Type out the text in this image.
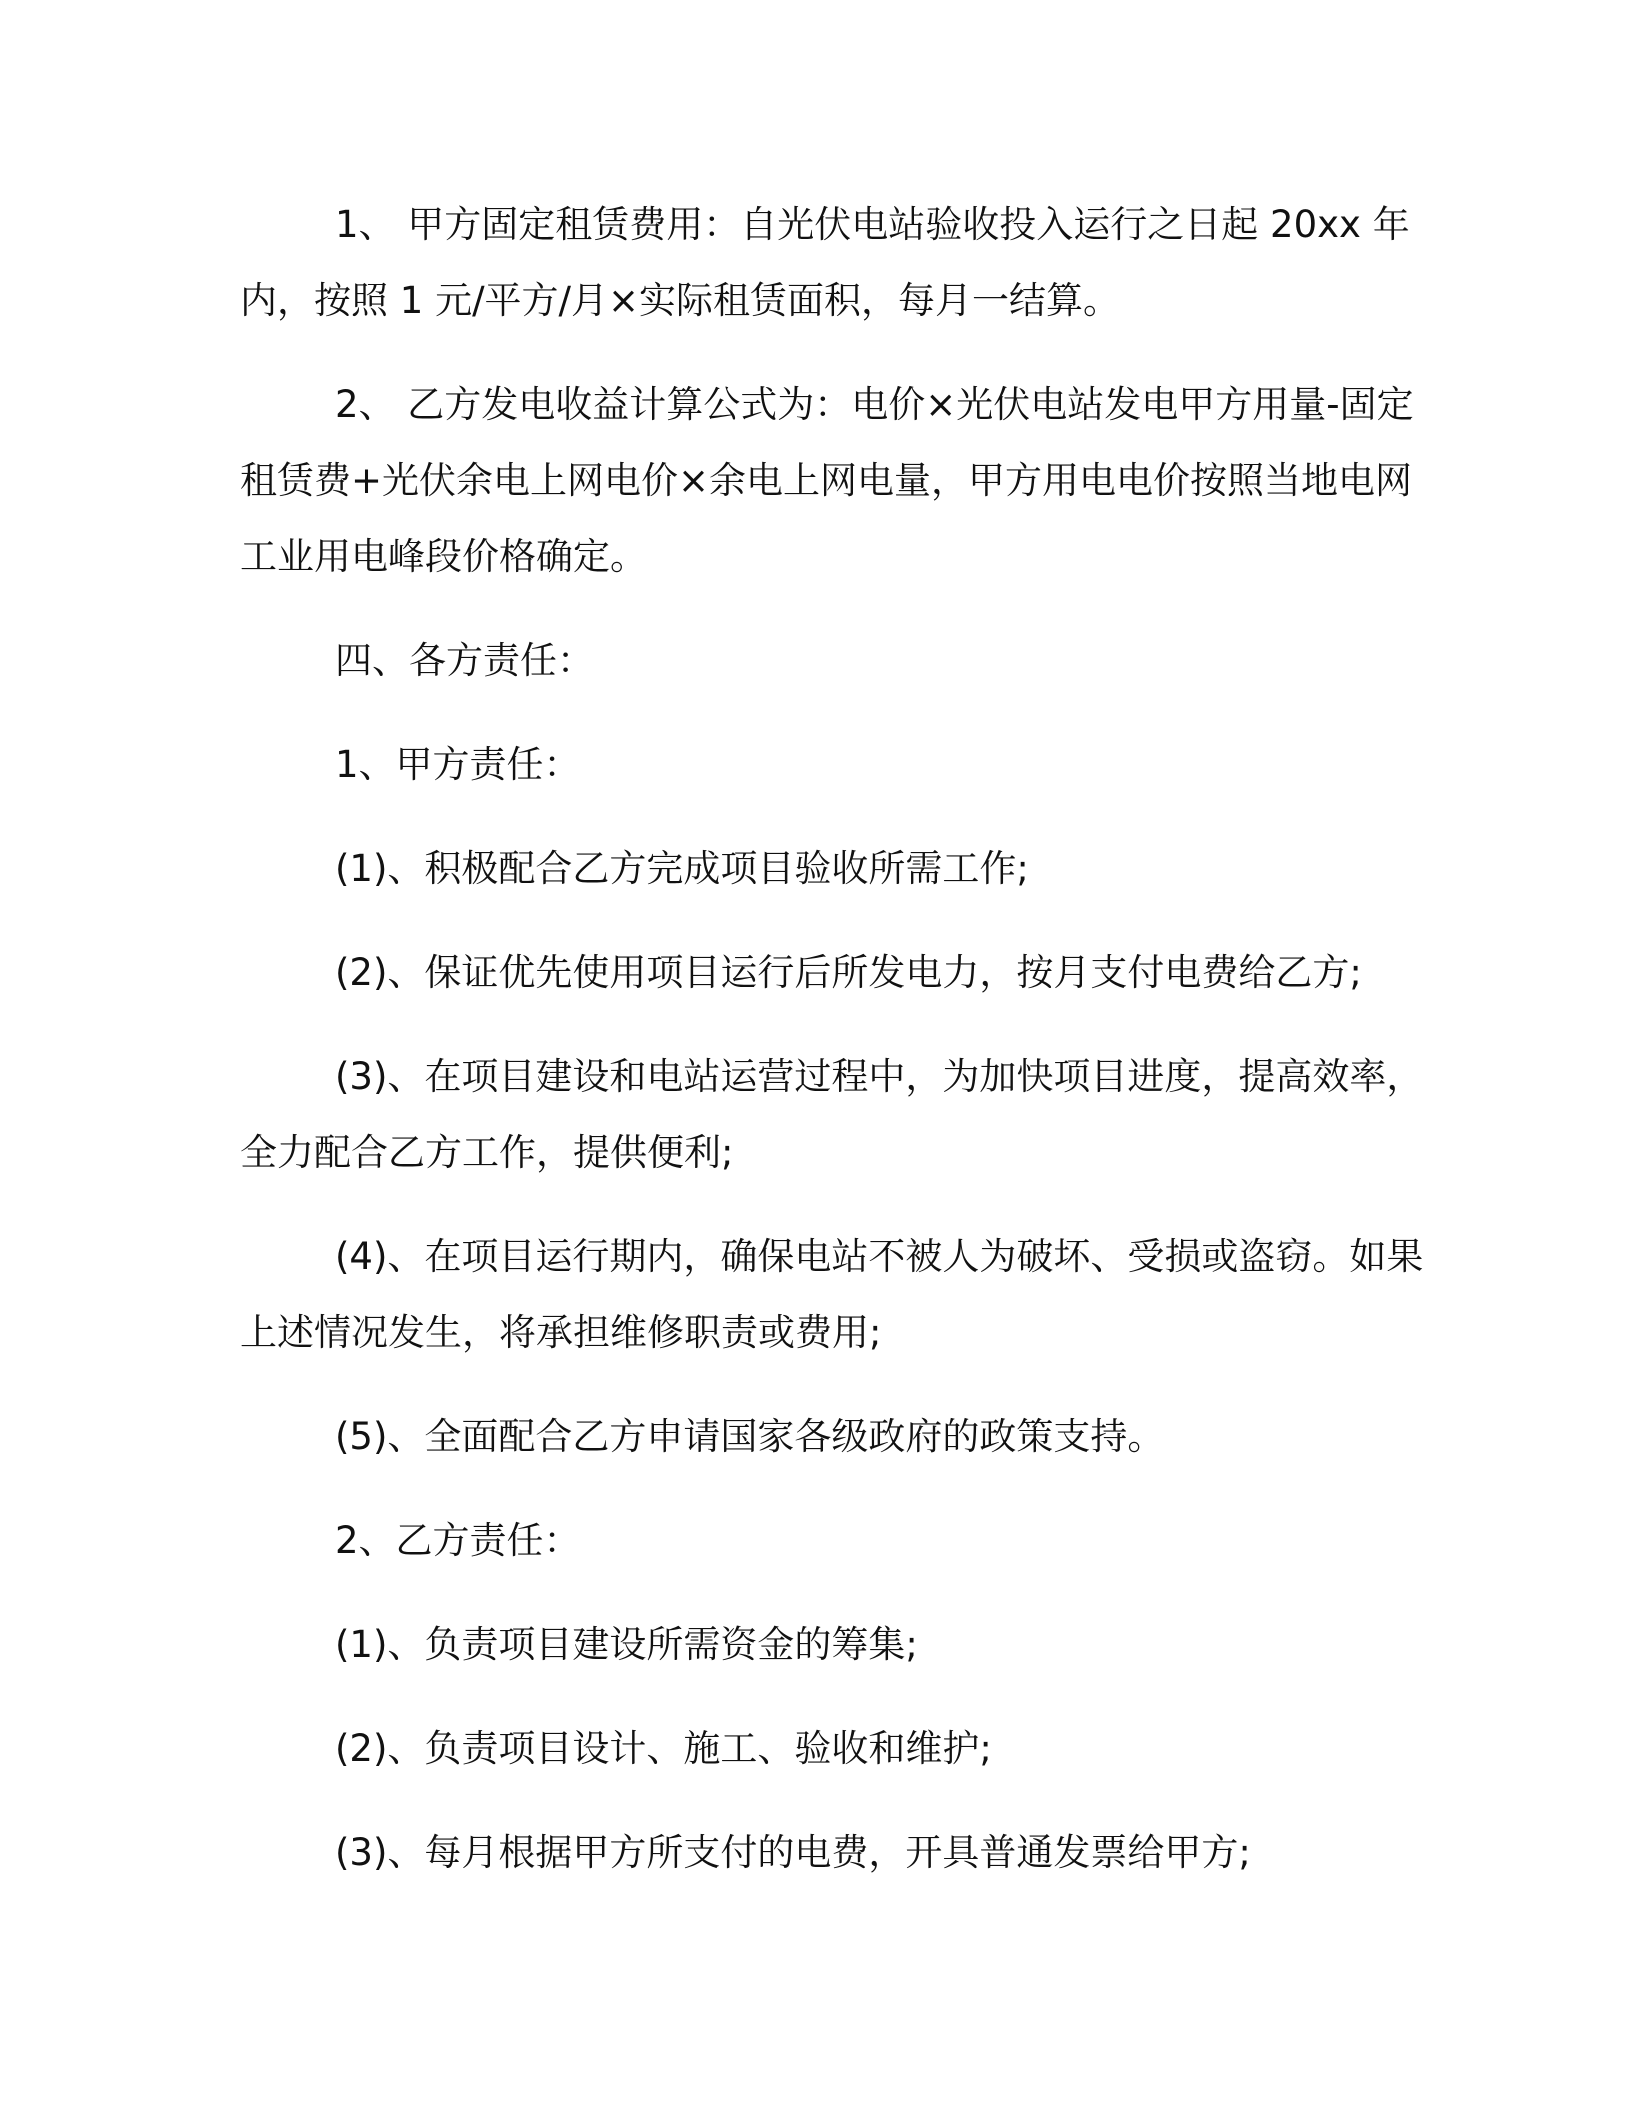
1、 甲方固定租赁费用：自光伏电站验收投入运行之日起 20xx 年内，按照 1 元/平方/月×实际租赁面积，每月一结算。

2、 乙方发电收益计算公式为：电价×光伏电站发电甲方用量-固定租赁费+光伏余电上网电价×余电上网电量，甲方用电电价按照当地电网工业用电峰段价格确定。

四、各方责任：

1、甲方责任：

(1)、积极配合乙方完成项目验收所需工作;

(2)、保证优先使用项目运行后所发电力，按月支付电费给乙方;

(3)、在项目建设和电站运营过程中，为加快项目进度，提高效率，全力配合乙方工作，提供便利;

(4)、在项目运行期内，确保电站不被人为破坏、受损或盗窃。如果上述情况发生，将承担维修职责或费用;

(5)、全面配合乙方申请国家各级政府的政策支持。

2、乙方责任：

(1)、负责项目建设所需资金的筹集;

(2)、负责项目设计、施工、验收和维护;

(3)、每月根据甲方所支付的电费，开具普通发票给甲方;
